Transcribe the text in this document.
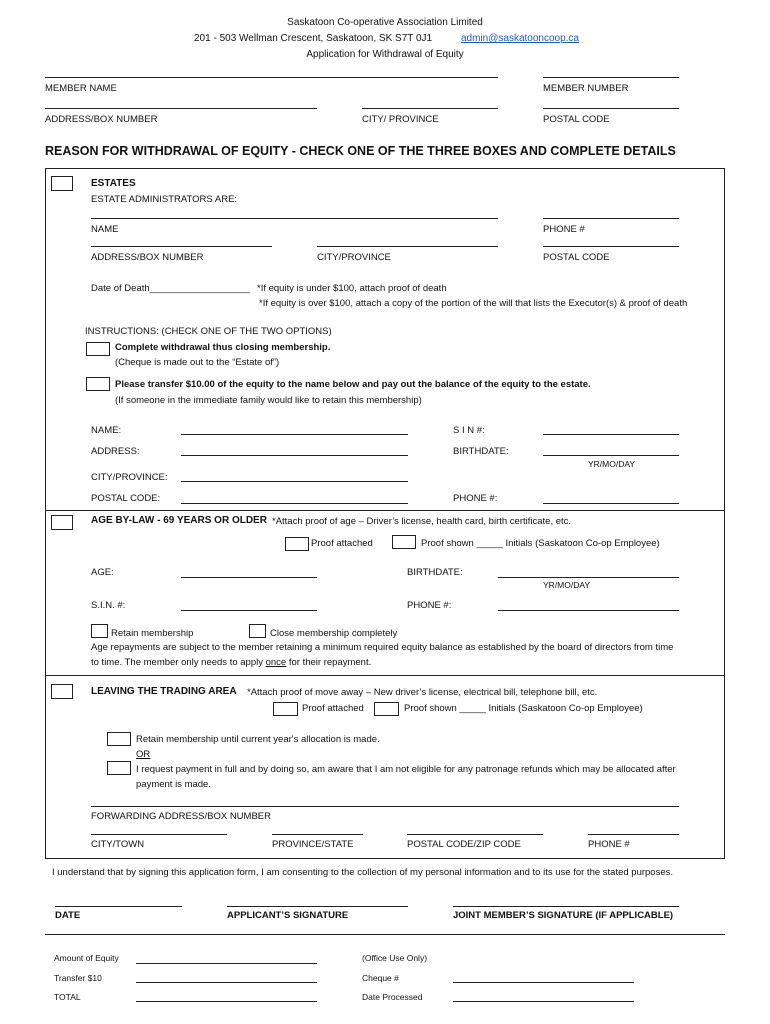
Saskatoon Co-operative Association Limited
201 - 503 Wellman Crescent, Saskatoon, SK S7T 0J1	admin@saskatooncoop.ca
Application for Withdrawal of Equity
MEMBER NAME	MEMBER NUMBER
ADDRESS/BOX NUMBER	CITY/ PROVINCE	POSTAL CODE
REASON FOR WITHDRAWAL OF EQUITY - CHECK ONE OF THE THREE BOXES AND COMPLETE DETAILS
ESTATES
ESTATE ADMINISTRATORS ARE:
NAME	PHONE #
ADDRESS/BOX NUMBER	CITY/PROVINCE	POSTAL CODE
Date of Death___________________ *If equity is under $100, attach proof of death
*If equity is over $100, attach a copy of the portion of the will that lists the Executor(s) & proof of death
INSTRUCTIONS: (CHECK ONE OF THE TWO OPTIONS)
Complete withdrawal thus closing membership.
(Cheque is made out to the “Estate of”)
Please transfer $10.00 of the equity to the name below and pay out the balance of the equity to the estate.
(If someone in the immediate family would like to retain this membership)
NAME:	S I N #:
ADDRESS:	BIRTHDATE:
YR/MO/DAY
CITY/PROVINCE:
POSTAL CODE:	PHONE #:
AGE BY-LAW - 69 YEARS OR OLDER *Attach proof of age – Driver’s license, health card, birth certificate, etc.
Proof attached	Proof shown _____ Initials (Saskatoon Co-op Employee)
AGE:	BIRTHDATE:
YR/MO/DAY
S.I.N. #:	PHONE #:
Retain membership	Close membership completely
Age repayments are subject to the member retaining a minimum required equity balance as established by the board of directors from time
to time. The member only needs to apply once for their repayment.
LEAVING THE TRADING AREA *Attach proof of move away – New driver’s license, electrical bill, telephone bill, etc.
Proof attached	Proof shown _____ Initials (Saskatoon Co-op Employee)
Retain membership until current year's allocation is made.
OR
I request payment in full and by doing so, am aware that I am not eligible for any patronage refunds which may be allocated after
payment is made.
FORWARDING ADDRESS/BOX NUMBER
CITY/TOWN	PROVINCE/STATE	POSTAL CODE/ZIP CODE	PHONE #
I understand that by signing this application form, I am consenting to the collection of my personal information and to its use for the stated purposes.
DATE	APPLICANT’S SIGNATURE	JOINT MEMBER’S SIGNATURE (IF APPLICABLE)
Amount of Equity
Transfer $10
TOTAL
(Office Use Only)
Cheque #
Date Processed
